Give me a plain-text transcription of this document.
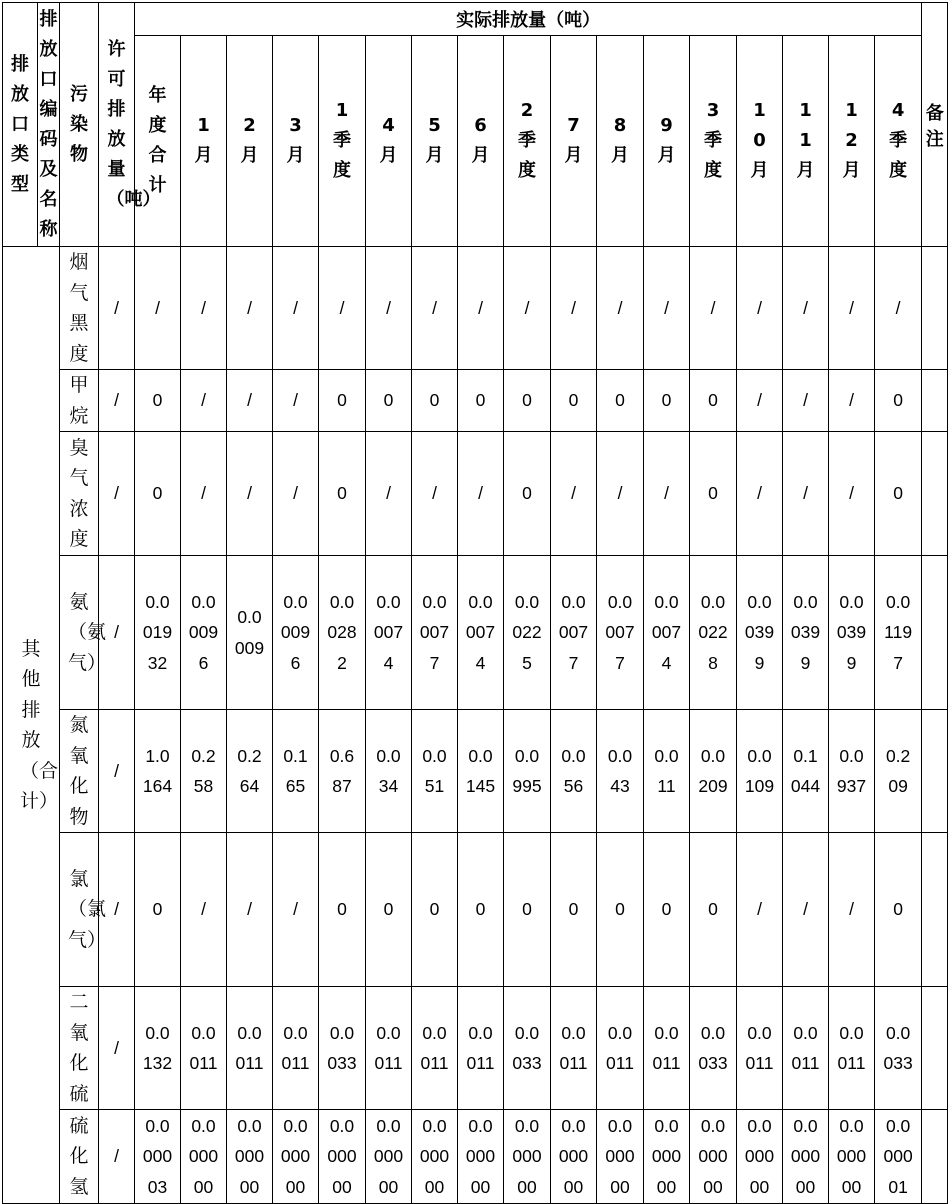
排放口类型	排放口编码及名称	污染物	许可排放量（吨）	实际排放量（吨）																	备注
				年度合计	1月	2月	3月	1季度	4月	5月	6月	2季度	7月	8月	9月	3季度	10月	11月	12月	4季度	
其他排放（合计）		烟气黑度	/	/	/	/	/	/	/	/	/	/	/	/	/	/	/	/	/	/	
		甲烷	/	0	/	/	/	0	0	0	0	0	0	0	0	0	/	/	/	0	
		臭气浓度	/	0	/	/	/	0	/	/	/	0	/	/	/	0	/	/	/	0	
		氨（氨气）	/	0.001932	0.00096	0.0009	0.00096	0.00282	0.00074	0.00077	0.00074	0.00225	0.00077	0.00077	0.00074	0.00228	0.00399	0.00399	0.00399	0.01197	
		氮氧化物	/	1.0164	0.258	0.264	0.165	0.687	0.034	0.051	0.0145	0.0995	0.056	0.043	0.011	0.0209	0.0109	0.1044	0.0937	0.209	
		氯（氯气）	/	0	/	/	/	0	0	0	0	0	0	0	0	0	/	/	/	0	
		二氧化硫	/	0.0132	0.0011	0.0011	0.0011	0.0033	0.0011	0.0011	0.0011	0.0033	0.0011	0.0011	0.0011	0.0033	0.0011	0.0011	0.0011	0.0033	
		硫化氢	/	0.000003	0.000000	0.000000	0.000000	0.000000	0.000000	0.000000	0.000000	0.000000	0.000000	0.000000	0.000000	0.000000	0.000000	0.000000	0.000000	0.000001	
